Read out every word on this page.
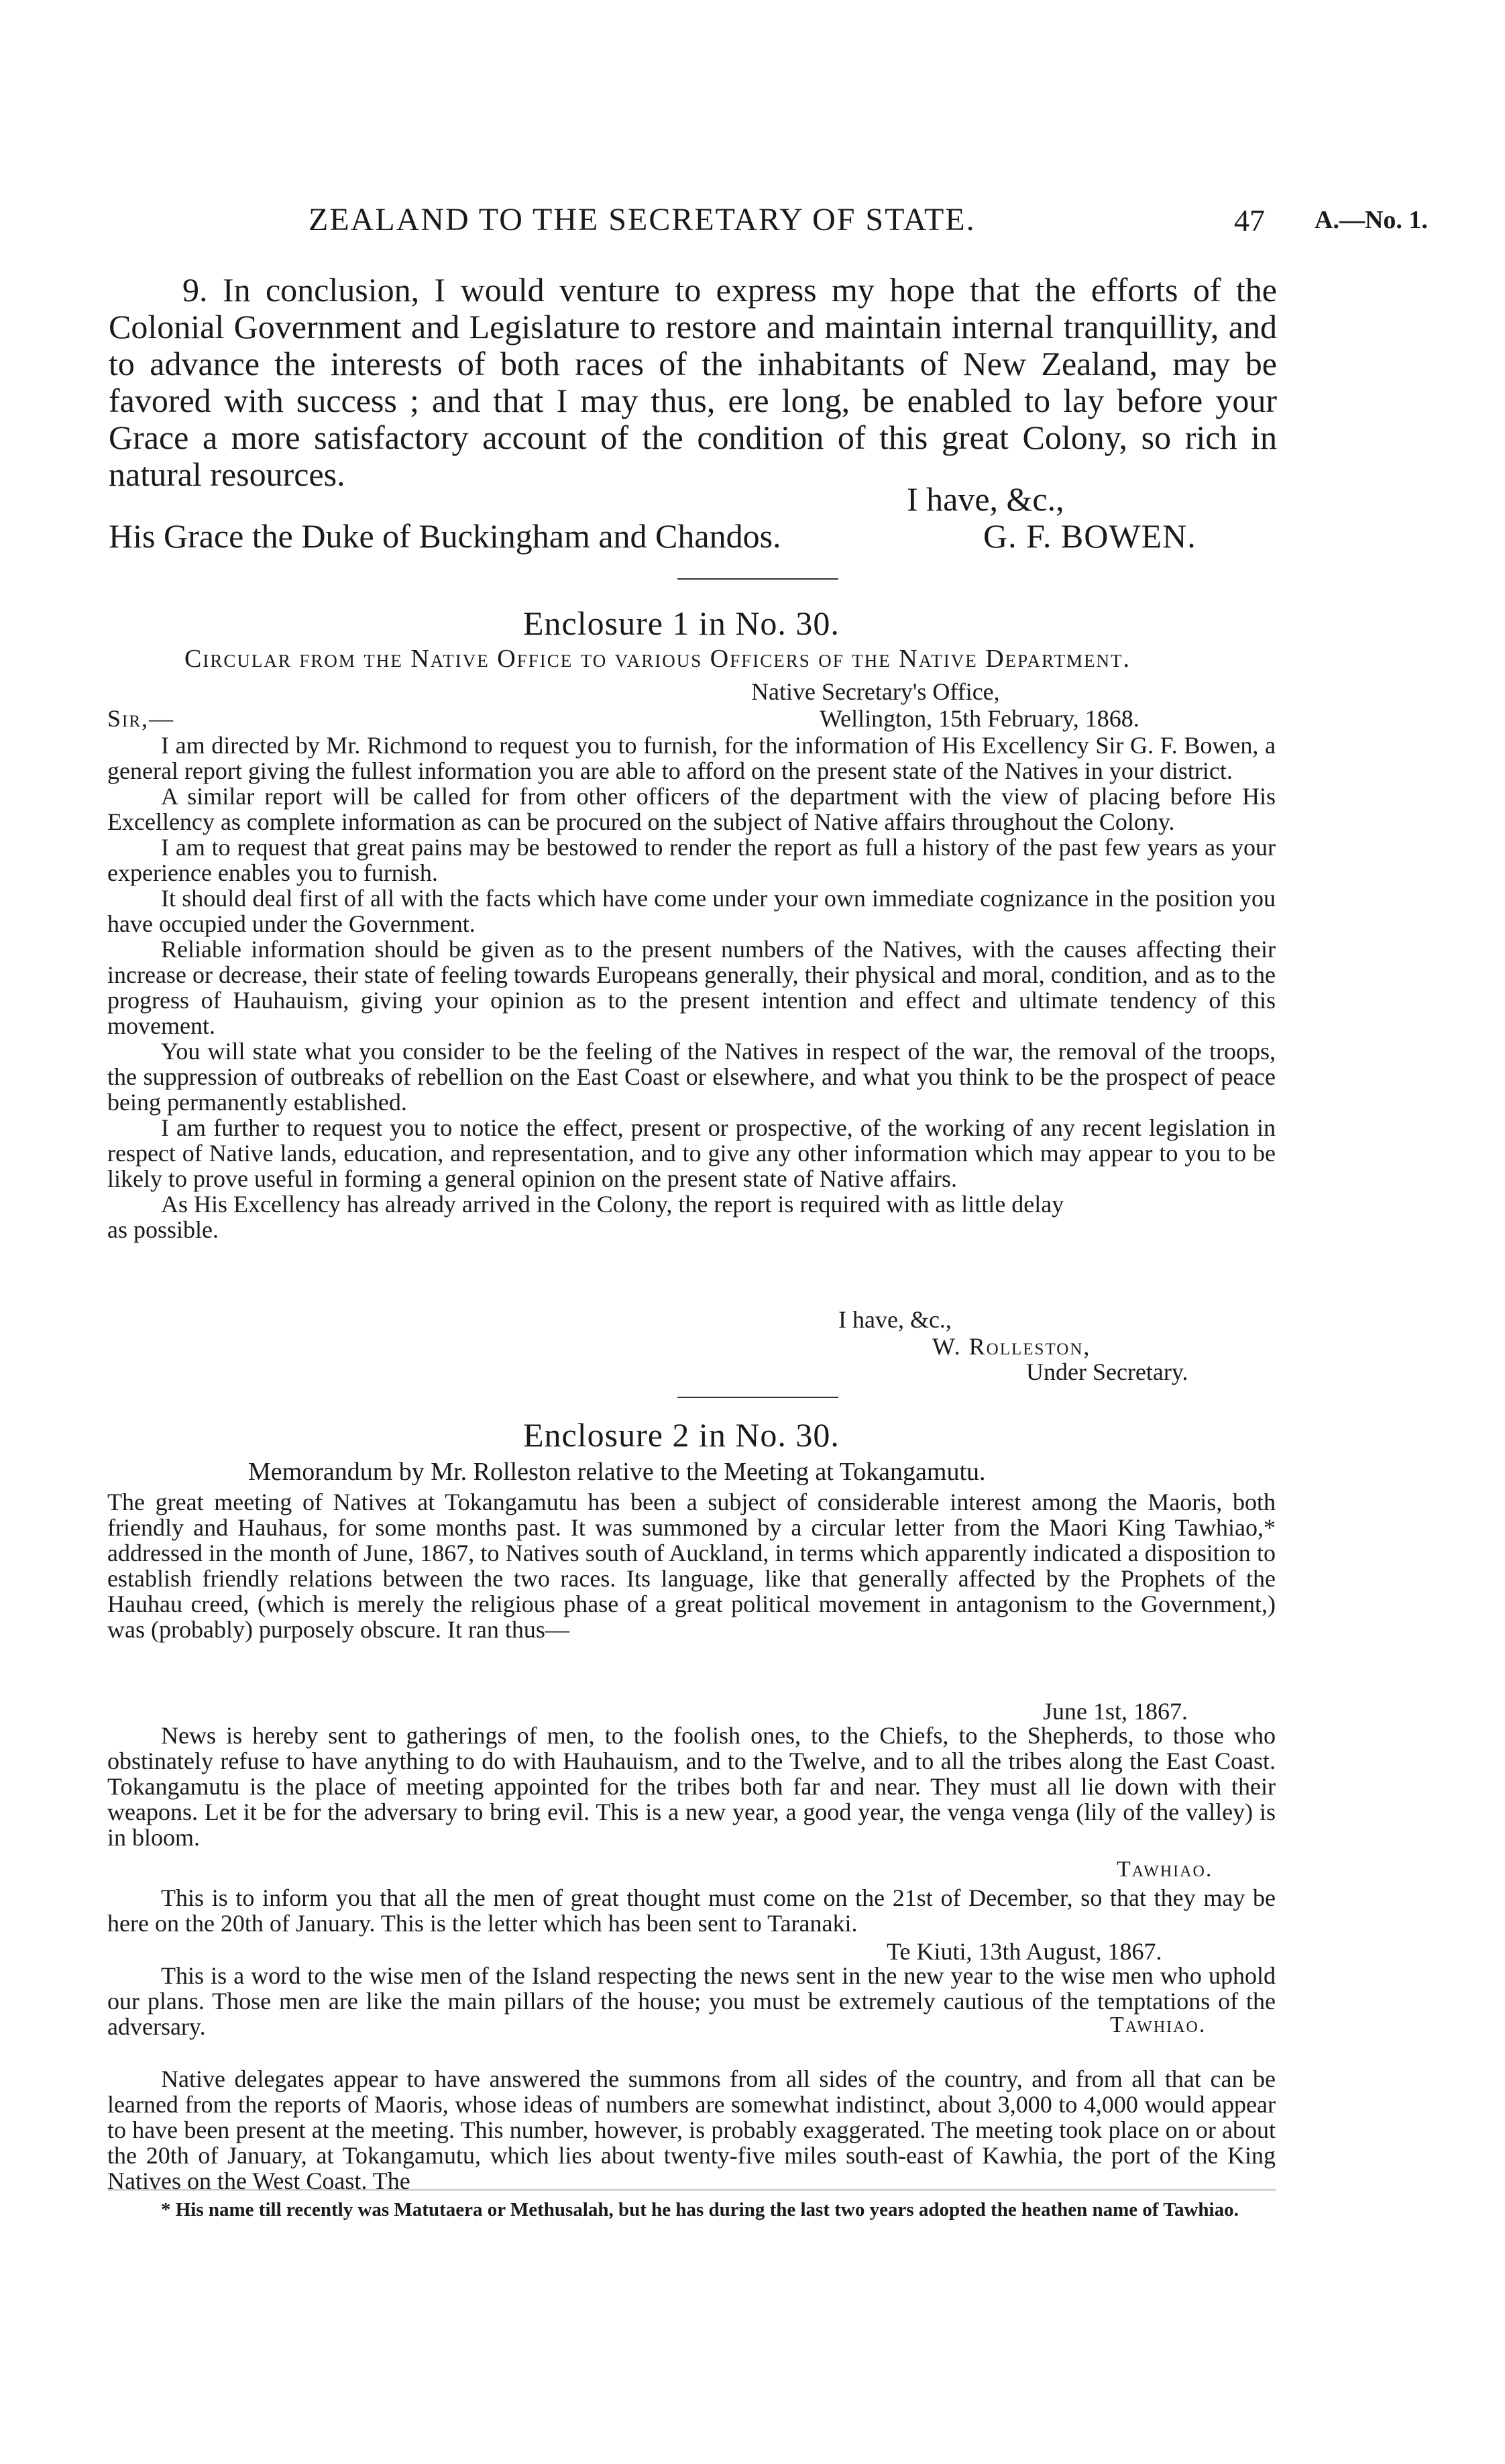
ZEALAND TO THE SECRETARY OF STATE.	47 A.—No. 1.

9. In conclusion, I would venture to express my hope that the efforts of the Colonial Government and Legislature to restore and maintain internal tranquillity, and to advance the interests of both races of the inhabitants of New Zealand, may be favored with success ; and that I may thus, ere long, be enabled to lay before your Grace a more satisfactory account of the condition of this great Colony, so rich in natural resources.

I have, &c.,
His Grace the Duke of Buckingham and Chandos.	G. F. BOWEN.
Enclosure 1 in No. 30.
Circular from the Native Office to various Officers of the Native Department.
Native Secretary's Office,
Sir,—	Wellington, 15th February, 1868.

I am directed by Mr. Richmond to request you to furnish, for the information of His Excellency Sir G. F. Bowen, a general report giving the fullest information you are able to afford on the present state of the Natives in your district.

A similar report will be called for from other officers of the department with the view of placing before His Excellency as complete information as can be procured on the subject of Native affairs throughout the Colony.

I am to request that great pains may be bestowed to render the report as full a history of the past few years as your experience enables you to furnish.

It should deal first of all with the facts which have come under your own immediate cognizance in the position you have occupied under the Government.

Reliable information should be given as to the present numbers of the Natives, with the causes affecting their increase or decrease, their state of feeling towards Europeans generally, their physical and moral, condition, and as to the progress of Hauhauism, giving your opinion as to the present intention and effect and ultimate tendency of this movement.

You will state what you consider to be the feeling of the Natives in respect of the war, the removal of the troops, the suppression of outbreaks of rebellion on the East Coast or elsewhere, and what you think to be the prospect of peace being permanently established.

I am further to request you to notice the effect, present or prospective, of the working of any recent legislation in respect of Native lands, education, and representation, and to give any other information which may appear to you to be likely to prove useful in forming a general opinion on the present state of Native affairs.

As His Excellency has already arrived in the Colony, the report is required with as little delay

as possible.

I have, &c.,
W. Rolleston,
Under Secretary.
Enclosure 2 in No. 30.
Memorandum by Mr. Rolleston relative to the Meeting at Tokangamutu.

The great meeting of Natives at Tokangamutu has been a subject of considerable interest among the Maoris, both friendly and Hauhaus, for some months past. It was summoned by a circular letter from the Maori King Tawhiao,* addressed in the month of June, 1867, to Natives south of Auckland, in terms which apparently indicated a disposition to establish friendly relations between the two races. Its language, like that generally affected by the Prophets of the Hauhau creed, (which is merely the religious phase of a great political movement in antagonism to the Government,) was (probably) purposely obscure. It ran thus—

June 1st, 1867.

News is hereby sent to gatherings of men, to the foolish ones, to the Chiefs, to the Shepherds, to those who obstinately refuse to have anything to do with Hauhauism, and to the Twelve, and to all the tribes along the East Coast. Tokangamutu is the place of meeting appointed for the tribes both far and near. They must all lie down with their weapons. Let it be for the adversary to bring evil. This is a new year, a good year, the venga venga (lily of the valley) is in bloom.

Tawhiao.

This is to inform you that all the men of great thought must come on the 21st of December, so that they may be here on the 20th of January. This is the letter which has been sent to Taranaki.

Te Kiuti, 13th August, 1867.

This is a word to the wise men of the Island respecting the news sent in the new year to the wise men who uphold our plans. Those men are like the main pillars of the house; you must be extremely cautious of the temptations of the adversary.	Tawhiao.

Native delegates appear to have answered the summons from all sides of the country, and from all that can be learned from the reports of Maoris, whose ideas of numbers are somewhat indistinct, about 3,000 to 4,000 would appear to have been present at the meeting. This number, however, is probably exaggerated. The meeting took place on or about the 20th of January, at Tokangamutu, which lies about twenty-five miles south-east of Kawhia, the port of the King Natives on the West Coast. The

* His name till recently was Matutaera or Methusalah, but he has during the last two years adopted the heathen name of Tawhiao.
